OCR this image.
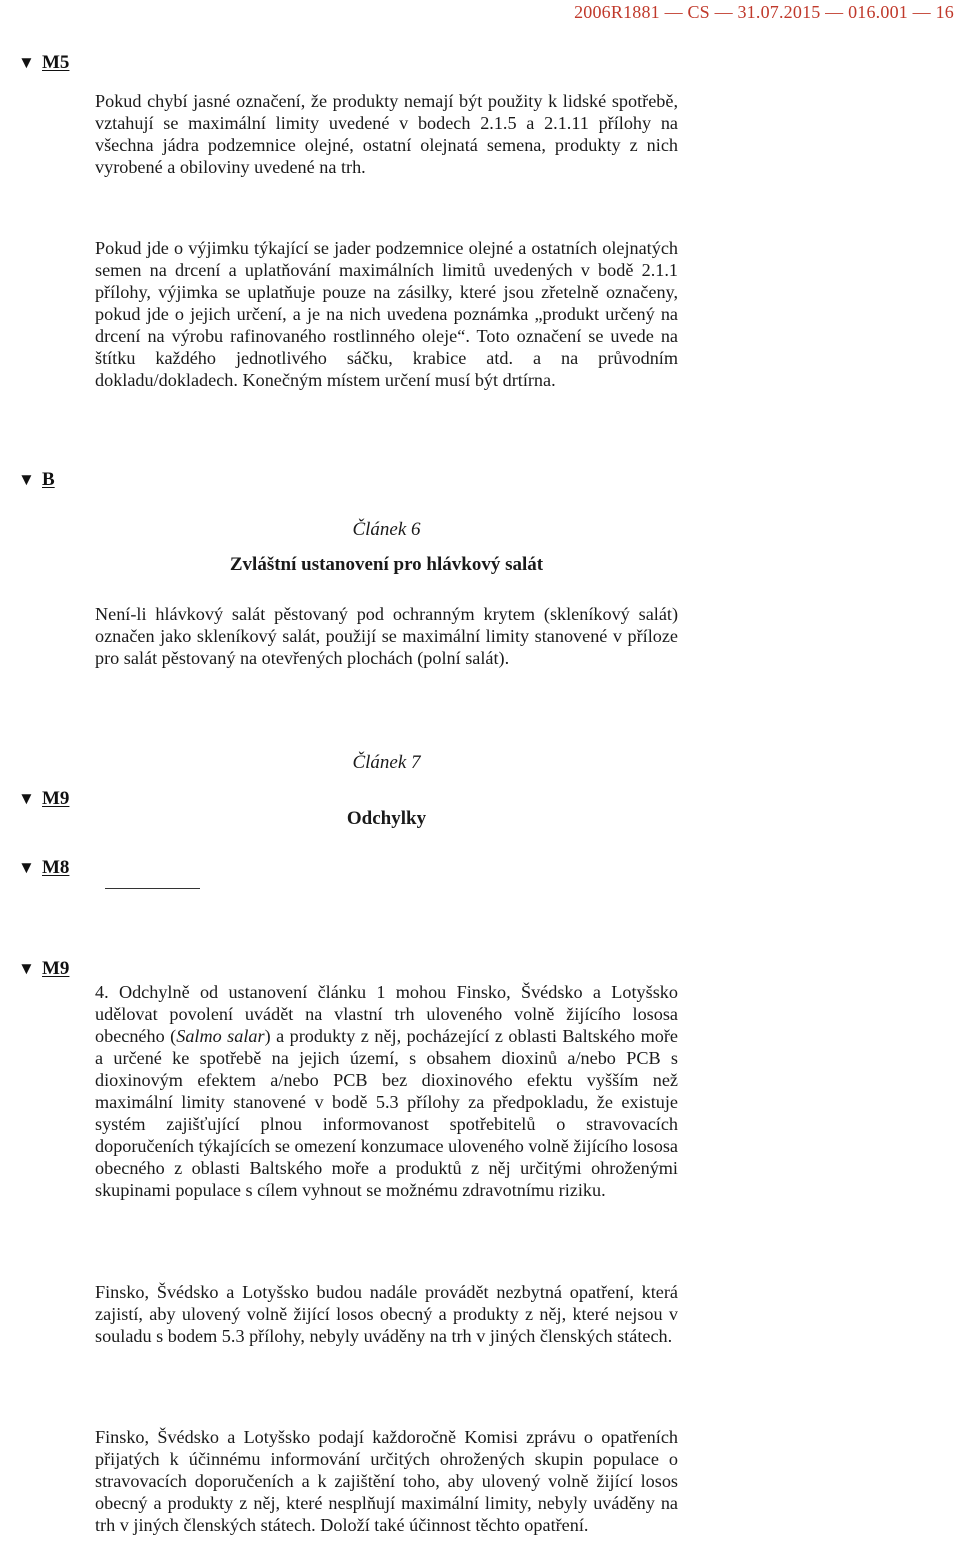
2006R1881 — CS — 31.07.2015 — 016.001 — 16
▼ M5

Pokud chybí jasné označení, že produkty nemají být použity k lidské spotřebě, vztahují se maximální limity uvedené v bodech 2.1.5 a 2.1.11 přílohy na všechna jádra podzemnice olejné, ostatní olejnatá semena, produkty z nich vyrobené a obiloviny uvedené na trh.

Pokud jde o výjimku týkající se jader podzemnice olejné a ostatních olejnatých semen na drcení a uplatňování maximálních limitů uvedených v bodě 2.1.1 přílohy, výjimka se uplatňuje pouze na zásilky, které jsou zřetelně označeny, pokud jde o jejich určení, a je na nich uvedena poznámka „produkt určený na drcení na výrobu rafinovaného rostlinného oleje“. Toto označení se uvede na štítku každého jednotlivého sáčku, krabice atd. a na průvodním dokladu/dokladech. Konečným místem určení musí být drtírna.

▼ B

Článek 6

Zvláštní ustanovení pro hlávkový salát

Není-li hlávkový salát pěstovaný pod ochranným krytem (skleníkový salát) označen jako skleníkový salát, použijí se maximální limity stanovené v příloze pro salát pěstovaný na otevřených plochách (polní salát).

Článek 7

▼ M9

Odchylky

▼ M8
▼ M9

4. Odchylně od ustanovení článku 1 mohou Finsko, Švédsko a Lotyšsko udělovat povolení uvádět na vlastní trh uloveného volně žijícího lososa obecného (Salmo salar) a produkty z něj, pocházející z oblasti Baltského moře a určené ke spotřebě na jejich území, s obsahem dioxinů a/nebo PCB s dioxinovým efektem a/nebo PCB bez dioxinového efektu vyšším než maximální limity stanovené v bodě 5.3 přílohy za předpokladu, že existuje systém zajišťující plnou informovanost spotřebitelů o stravovacích doporučeních týkajících se omezení konzumace uloveného volně žijícího lososa obecného z oblasti Baltského moře a produktů z něj určitými ohroženými skupinami populace s cílem vyhnout se možnému zdravotnímu riziku.

Finsko, Švédsko a Lotyšsko budou nadále provádět nezbytná opatření, která zajistí, aby ulovený volně žijící losos obecný a produkty z něj, které nejsou v souladu s bodem 5.3 přílohy, nebyly uváděny na trh v jiných členských státech.

Finsko, Švédsko a Lotyšsko podají každoročně Komisi zprávu o opatřeních přijatých k účinnému informování určitých ohrožených skupin populace o stravovacích doporučeních a k zajištění toho, aby ulovený volně žijící losos obecný a produkty z něj, které nesplňují maximální limity, nebyly uváděny na trh v jiných členských státech. Doloží také účinnost těchto opatření.
